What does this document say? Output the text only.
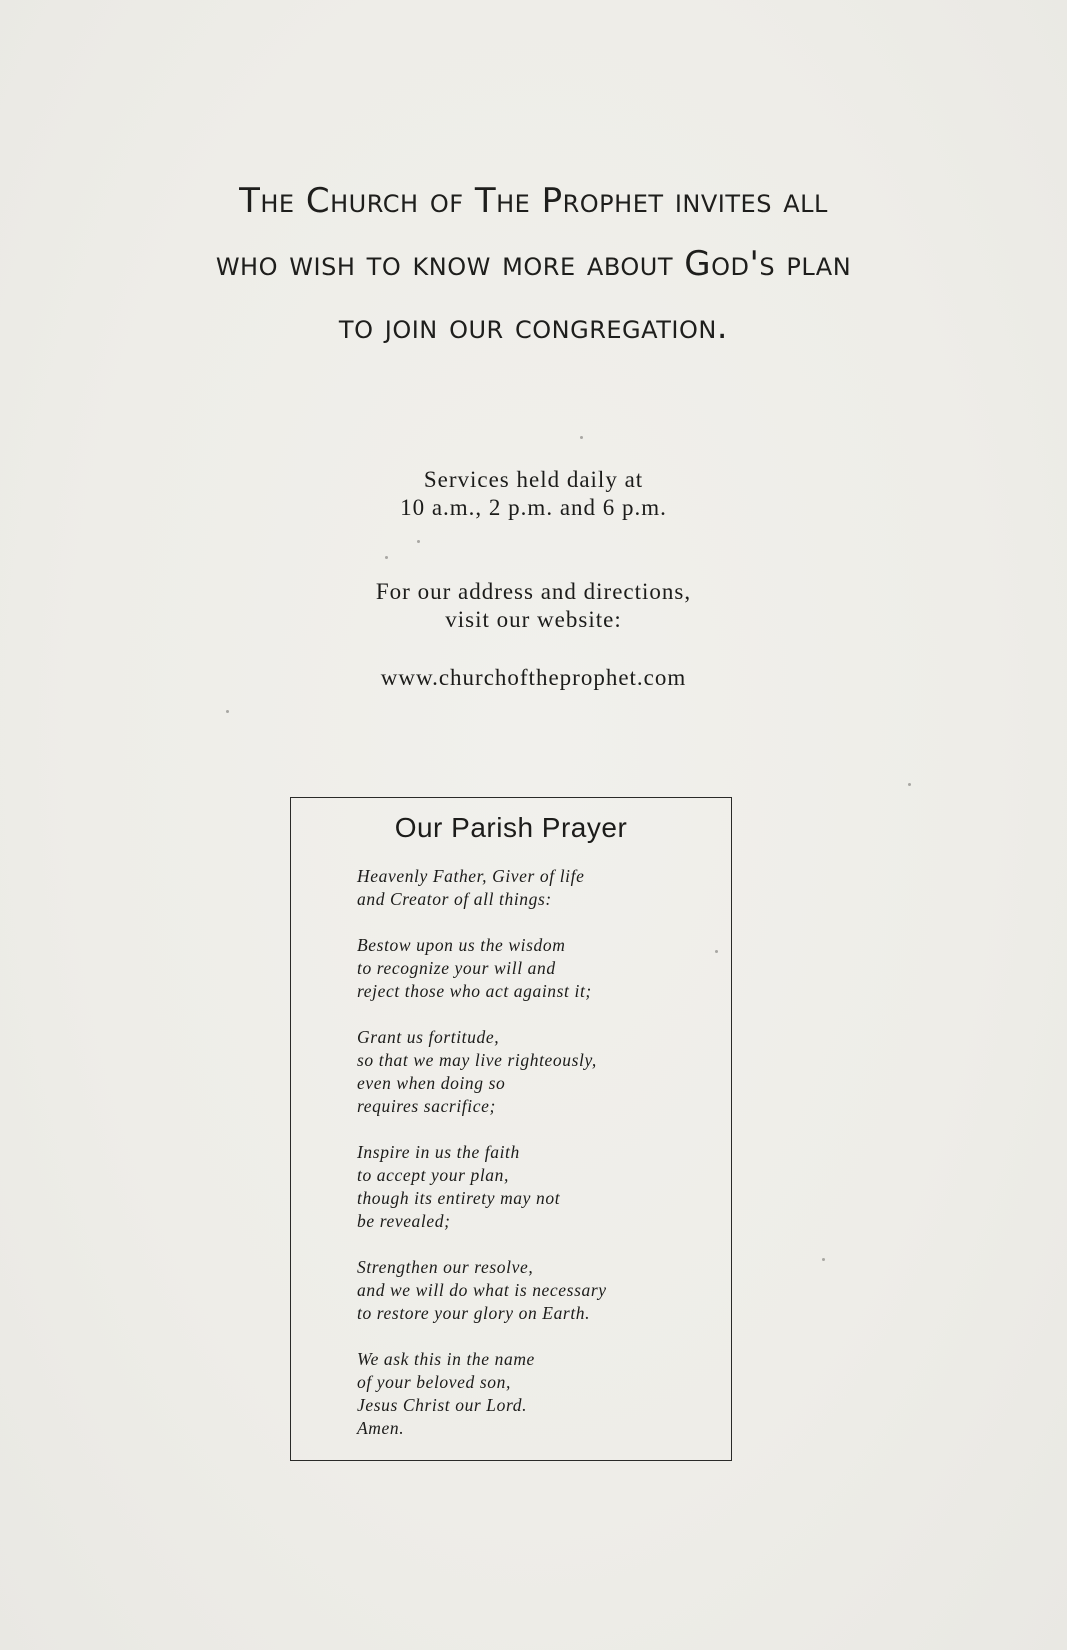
The Church of The Prophet invites all
who wish to know more about God's plan
to join our congregation.
Services held daily at
10 a.m., 2 p.m. and 6 p.m.
For our address and directions,
visit our website:
www.churchoftheprophet.com
Our Parish Prayer
Heavenly Father, Giver of life
and Creator of all things:
Bestow upon us the wisdom
to recognize your will and
reject those who act against it;
Grant us fortitude,
so that we may live righteously,
even when doing so
requires sacrifice;
Inspire in us the faith
to accept your plan,
though its entirety may not
be revealed;
Strengthen our resolve,
and we will do what is necessary
to restore your glory on Earth.
We ask this in the name
of your beloved son,
Jesus Christ our Lord.
Amen.
